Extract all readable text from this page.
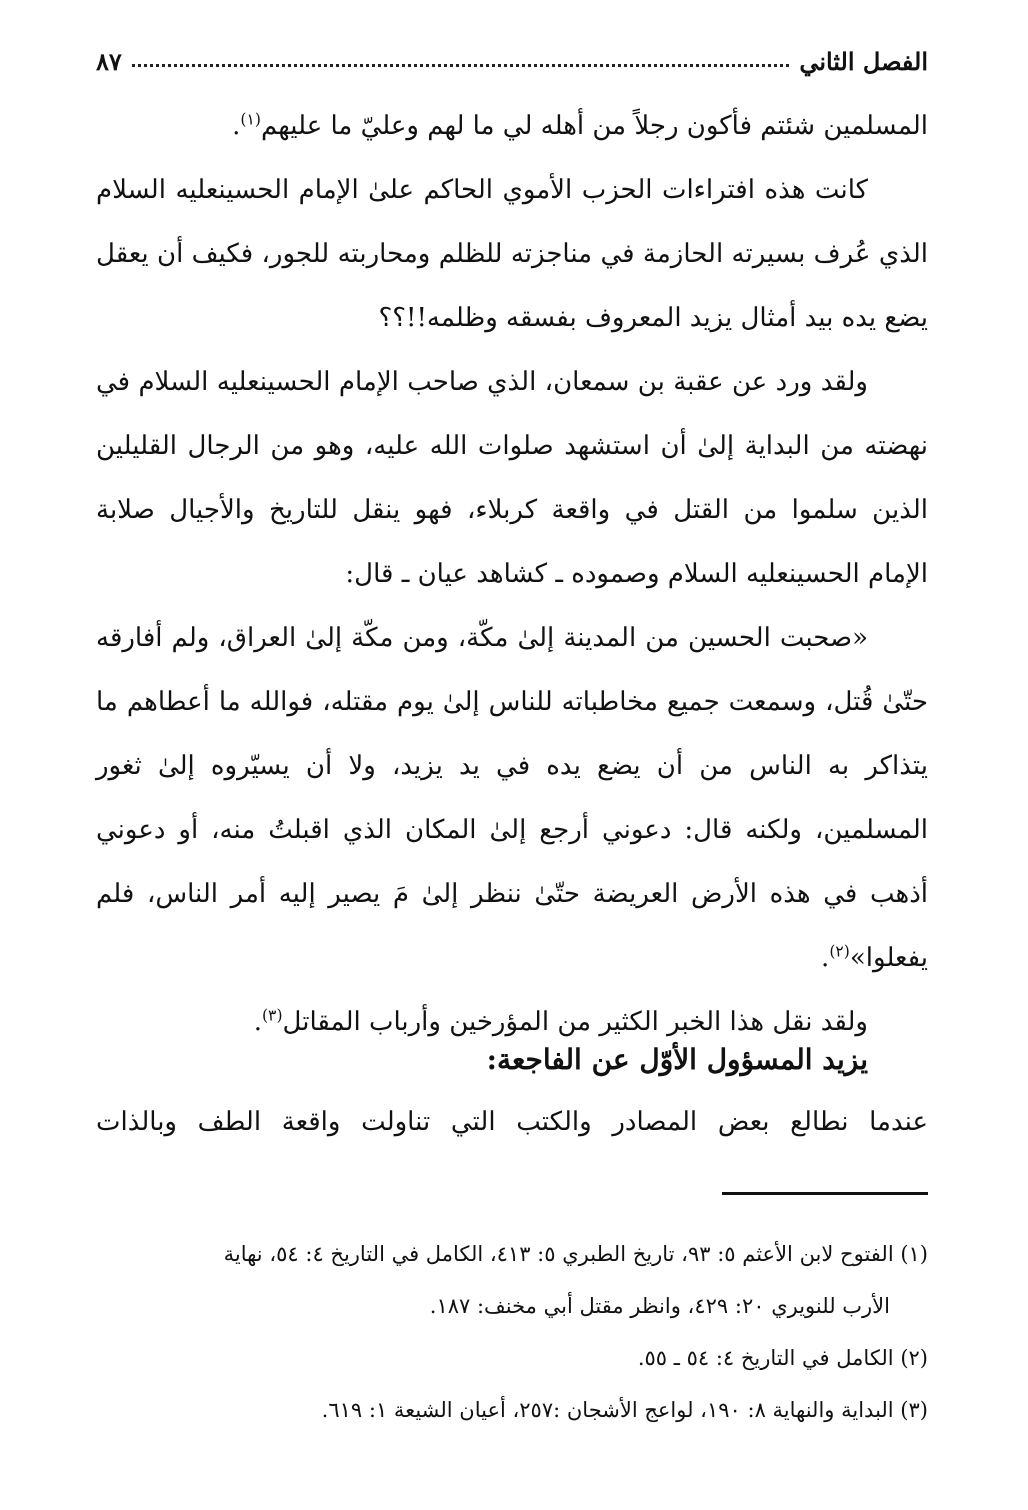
الفصل الثاني
٨٧

المسلمين شئتم فأكون رجلاً من أهله لي ما لهم وعليّ ما عليهم$^{(١)}$.

كانت هذه افتراءات الحزب الأموي الحاكم علىٰ الإمام الحسينعليه السلام الذي عُرف بسيرته الحازمة في مناجزته للظلم ومحاربته للجور، فكيف أن يعقل يضع يده بيد أمثال يزيد المعروف بفسقه وظلمه!!؟؟

ولقد ورد عن عقبة بن سمعان، الذي صاحب الإمام الحسينعليه السلام في نهضته من البداية إلىٰ أن استشهد صلوات الله عليه، وهو من الرجال القليلين الذين سلموا من القتل في واقعة كربلاء، فهو ينقل للتاريخ والأجيال صلابة الإمام الحسينعليه السلام وصموده ـ كشاهد عيان ـ قال:

«صحبت الحسين من المدينة إلىٰ مكّة، ومن مكّة إلىٰ العراق، ولم أفارقه حتّىٰ قُتل، وسمعت جميع مخاطباته للناس إلىٰ يوم مقتله، فوالله ما أعطاهم ما يتذاكر به الناس من أن يضع يده في يد يزيد، ولا أن يسيّروه إلىٰ ثغور المسلمين، ولكنه قال: دعوني أرجع إلىٰ المكان الذي اقبلتُ منه، أو دعوني أذهب في هذه الأرض العريضة حتّىٰ ننظر إلىٰ مَ يصير إليه أمر الناس، فلم يفعلوا»$^{(٢)}$.

ولقد نقل هذا الخبر الكثير من المؤرخين وأرباب المقاتل$^{(٣)}$.

يزيد المسؤول الأوّل عن الفاجعة:
عندما نطالع بعض المصادر والكتب التي تناولت واقعة الطف وبالذات

(١) الفتوح لابن الأعثم ٥: ٩٣، تاريخ الطبري ٥: ٤١٣، الكامل في التاريخ ٤: ٥٤، نهاية

الأرب للنويري ٢٠: ٤٢٩، وانظر مقتل أبي مخنف: ١٨٧.

(٢) الكامل في التاريخ ٤: ٥٤ ـ ٥٥.

(٣) البداية والنهاية ٨: ١٩٠، لواعج الأشجان :٢٥٧، أعيان الشيعة ١: ٦١٩.
